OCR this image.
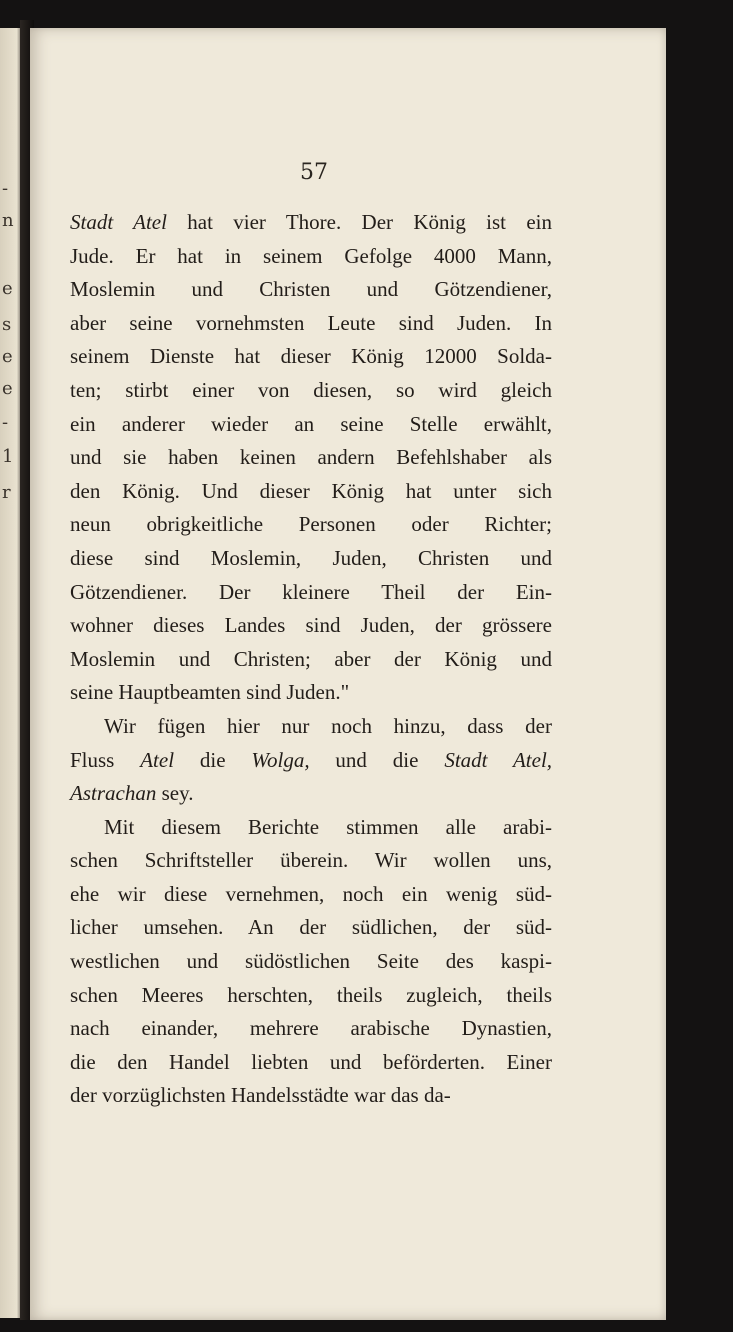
-
n
e
s
e
e
-
1
r
57
Stadt Atel hat vier Thore. Der König ist ein
Jude. Er hat in seinem Gefolge 4000 Mann,
Moslemin und Christen und Götzendiener,
aber seine vornehmsten Leute sind Juden. In
seinem Dienste hat dieser König 12000 Solda-
ten; stirbt einer von diesen, so wird gleich
ein anderer wieder an seine Stelle erwählt,
und sie haben keinen andern Befehlshaber als
den König. Und dieser König hat unter sich
neun obrigkeitliche Personen oder Richter;
diese sind Moslemin, Juden, Christen und
Götzendiener. Der kleinere Theil der Ein-
wohner dieses Landes sind Juden, der grössere
Moslemin und Christen; aber der König und
seine Hauptbeamten sind Juden."
Wir fügen hier nur noch hinzu, dass der
Fluss Atel die Wolga, und die Stadt Atel,
Astrachan sey.
Mit diesem Berichte stimmen alle arabi-
schen Schriftsteller überein. Wir wollen uns,
ehe wir diese vernehmen, noch ein wenig süd-
licher umsehen. An der südlichen, der süd-
westlichen und südöstlichen Seite des kaspi-
schen Meeres herschten, theils zugleich, theils
nach einander, mehrere arabische Dynastien,
die den Handel liebten und beförderten. Einer
der vorzüglichsten Handelsstädte war das da-
